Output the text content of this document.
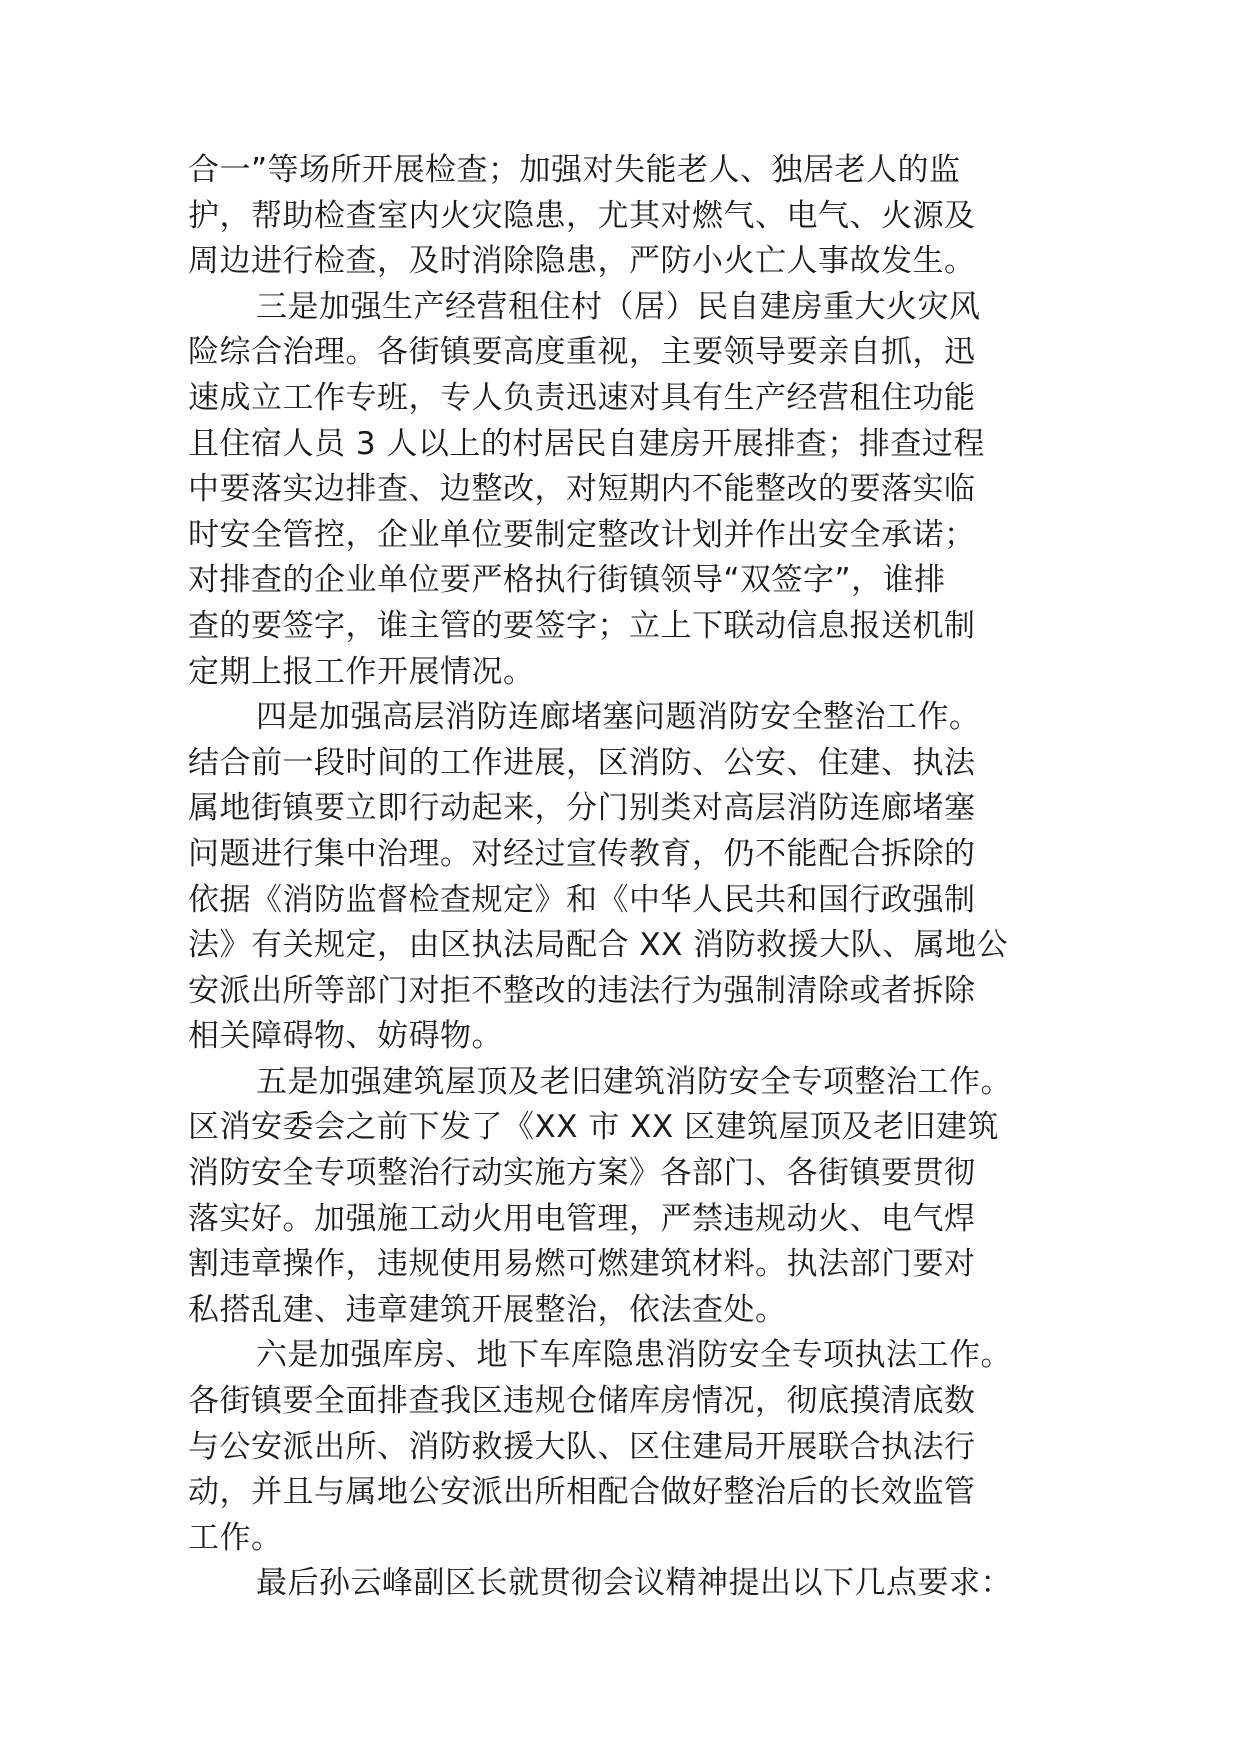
合一”等场所开展检查；加强对失能老人、独居老人的监
护，帮助检查室内火灾隐患，尤其对燃气、电气、火源及
周边进行检查，及时消除隐患，严防小火亡人事故发生。
三是加强生产经营租住村（居）民自建房重大火灾风
险综合治理。各街镇要高度重视，主要领导要亲自抓，迅
速成立工作专班，专人负责迅速对具有生产经营租住功能
且住宿人员 3 人以上的村居民自建房开展排查；排查过程
中要落实边排查、边整改，对短期内不能整改的要落实临
时安全管控，企业单位要制定整改计划并作出安全承诺；
对排查的企业单位要严格执行街镇领导“双签字”，谁排
查的要签字，谁主管的要签字；立上下联动信息报送机制
定期上报工作开展情况。
四是加强高层消防连廊堵塞问题消防安全整治工作。
结合前一段时间的工作进展，区消防、公安、住建、执法
属地街镇要立即行动起来，分门别类对高层消防连廊堵塞
问题进行集中治理。对经过宣传教育，仍不能配合拆除的
依据《消防监督检查规定》和《中华人民共和国行政强制
法》有关规定，由区执法局配合 XX 消防救援大队、属地公
安派出所等部门对拒不整改的违法行为强制清除或者拆除
相关障碍物、妨碍物。
五是加强建筑屋顶及老旧建筑消防安全专项整治工作。
区消安委会之前下发了《XX 市 XX 区建筑屋顶及老旧建筑
消防安全专项整治行动实施方案》各部门、各街镇要贯彻
落实好。加强施工动火用电管理，严禁违规动火、电气焊
割违章操作，违规使用易燃可燃建筑材料。执法部门要对
私搭乱建、违章建筑开展整治，依法查处。
六是加强库房、地下车库隐患消防安全专项执法工作。
各街镇要全面排查我区违规仓储库房情况，彻底摸清底数
与公安派出所、消防救援大队、区住建局开展联合执法行
动，并且与属地公安派出所相配合做好整治后的长效监管
工作。
最后孙云峰副区长就贯彻会议精神提出以下几点要求：
